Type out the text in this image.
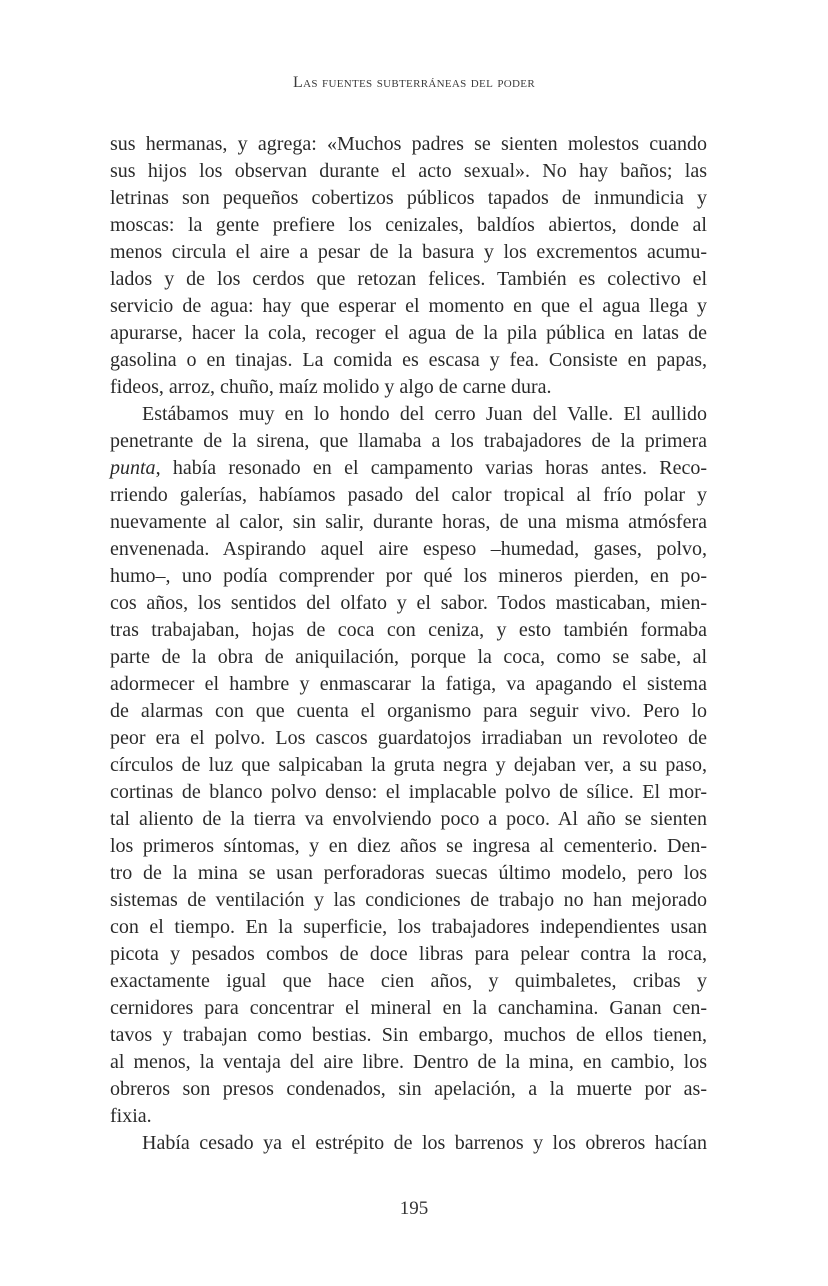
Las fuentes subterráneas del poder
sus hermanas, y agrega: «Muchos padres se sienten molestos cuando
sus hijos los observan durante el acto sexual». No hay baños; las
letrinas son pequeños cobertizos públicos tapados de inmundicia y
moscas: la gente prefiere los cenizales, baldíos abiertos, donde al
menos circula el aire a pesar de la basura y los excrementos acumu-
lados y de los cerdos que retozan felices. También es colectivo el
servicio de agua: hay que esperar el momento en que el agua llega y
apurarse, hacer la cola, recoger el agua de la pila pública en latas de
gasolina o en tinajas. La comida es escasa y fea. Consiste en papas,
fideos, arroz, chuño, maíz molido y algo de carne dura.
Estábamos muy en lo hondo del cerro Juan del Valle. El aullido
penetrante de la sirena, que llamaba a los trabajadores de la primera
punta, había resonado en el campamento varias horas antes. Reco-
rriendo galerías, habíamos pasado del calor tropical al frío polar y
nuevamente al calor, sin salir, durante horas, de una misma atmósfera
envenenada. Aspirando aquel aire espeso –humedad, gases, polvo,
humo–, uno podía comprender por qué los mineros pierden, en po-
cos años, los sentidos del olfato y el sabor. Todos masticaban, mien-
tras trabajaban, hojas de coca con ceniza, y esto también formaba
parte de la obra de aniquilación, porque la coca, como se sabe, al
adormecer el hambre y enmascarar la fatiga, va apagando el sistema
de alarmas con que cuenta el organismo para seguir vivo. Pero lo
peor era el polvo. Los cascos guardatojos irradiaban un revoloteo de
círculos de luz que salpicaban la gruta negra y dejaban ver, a su paso,
cortinas de blanco polvo denso: el implacable polvo de sílice. El mor-
tal aliento de la tierra va envolviendo poco a poco. Al año se sienten
los primeros síntomas, y en diez años se ingresa al cementerio. Den-
tro de la mina se usan perforadoras suecas último modelo, pero los
sistemas de ventilación y las condiciones de trabajo no han mejorado
con el tiempo. En la superficie, los trabajadores independientes usan
picota y pesados combos de doce libras para pelear contra la roca,
exactamente igual que hace cien años, y quimbaletes, cribas y
cernidores para concentrar el mineral en la canchamina. Ganan cen-
tavos y trabajan como bestias. Sin embargo, muchos de ellos tienen,
al menos, la ventaja del aire libre. Dentro de la mina, en cambio, los
obreros son presos condenados, sin apelación, a la muerte por as-
fixia.
Había cesado ya el estrépito de los barrenos y los obreros hacían
195
